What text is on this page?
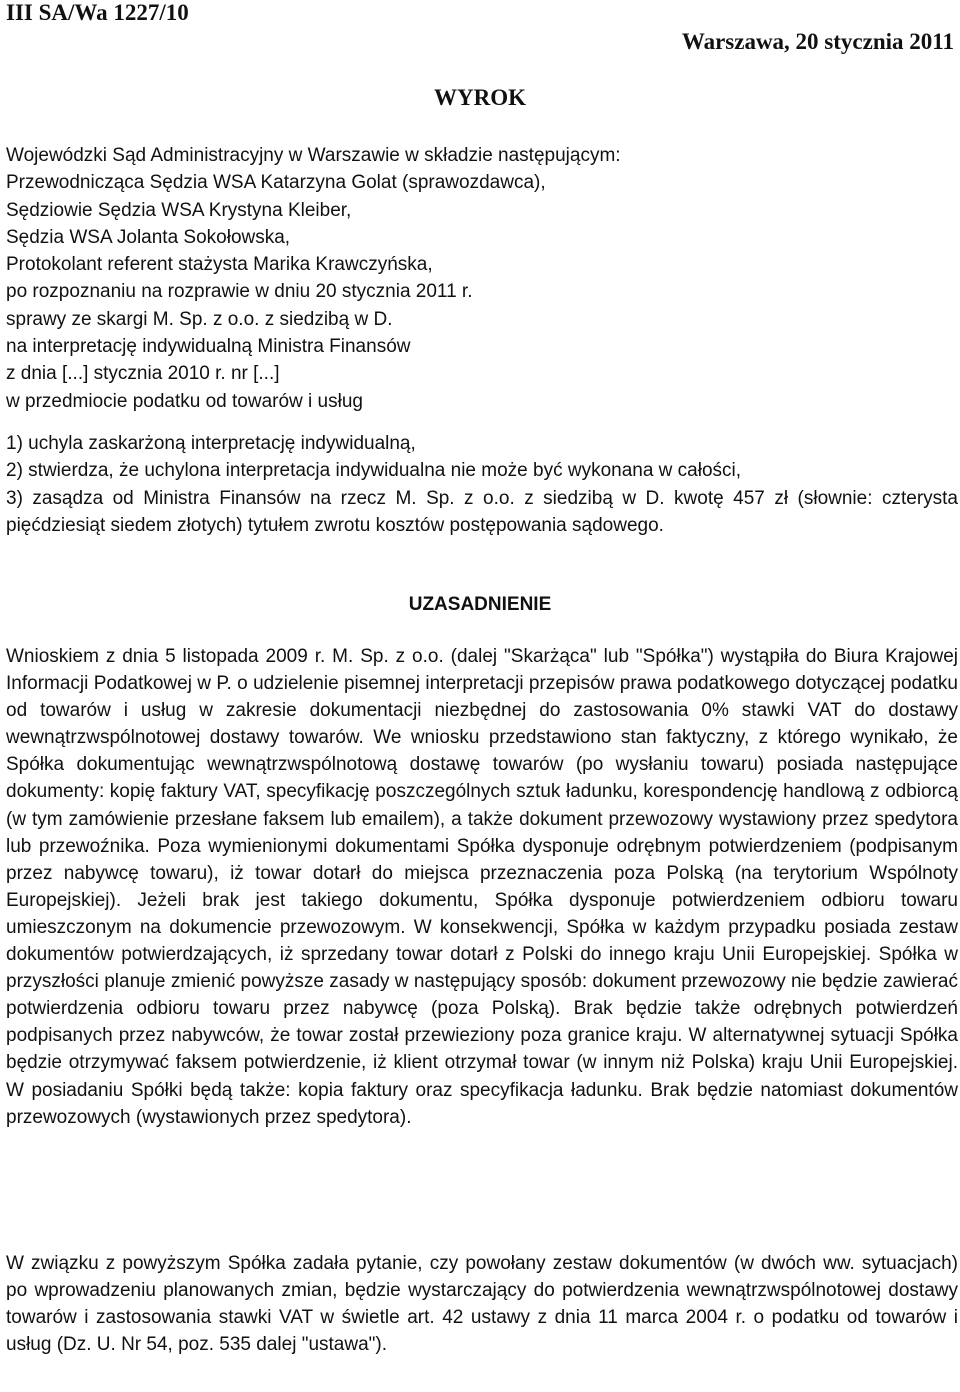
III SA/Wa 1227/10
Warszawa, 20 stycznia 2011
WYROK
Wojewódzki Sąd Administracyjny w Warszawie w składzie następującym:
Przewodnicząca Sędzia WSA Katarzyna Golat (sprawozdawca),
Sędziowie Sędzia WSA Krystyna Kleiber,
Sędzia WSA Jolanta Sokołowska,
Protokolant referent stażysta Marika Krawczyńska,
po rozpoznaniu na rozprawie w dniu 20 stycznia 2011 r.
sprawy ze skargi M. Sp. z o.o. z siedzibą w D.
na interpretację indywidualną Ministra Finansów
z dnia [...] stycznia 2010 r. nr [...]
w przedmiocie podatku od towarów i usług
1) uchyla zaskarżoną interpretację indywidualną,
2) stwierdza, że uchylona interpretacja indywidualna nie może być wykonana w całości,
3) zasądza od Ministra Finansów na rzecz M. Sp. z o.o. z siedzibą w D. kwotę 457 zł (słownie: czterysta pięćdziesiąt siedem złotych) tytułem zwrotu kosztów postępowania sądowego.
UZASADNIENIE

Wnioskiem z dnia 5 listopada 2009 r. M. Sp. z o.o. (dalej "Skarżąca" lub "Spółka") wystąpiła do Biura Krajowej Informacji Podatkowej w P. o udzielenie pisemnej interpretacji przepisów prawa podatkowego dotyczącej podatku od towarów i usług w zakresie dokumentacji niezbędnej do zastosowania 0% stawki VAT do dostawy wewnątrzwspólnotowej dostawy towarów. We wniosku przedstawiono stan faktyczny, z którego wynikało, że Spółka dokumentując wewnątrzwspólnotową dostawę towarów (po wysłaniu towaru) posiada następujące dokumenty: kopię faktury VAT, specyfikację poszczególnych sztuk ładunku, korespondencję handlową z odbiorcą (w tym zamówienie przesłane faksem lub emailem), a także dokument przewozowy wystawiony przez spedytora lub przewoźnika. Poza wymienionymi dokumentami Spółka dysponuje odrębnym potwierdzeniem (podpisanym przez nabywcę towaru), iż towar dotarł do miejsca przeznaczenia poza Polską (na terytorium Wspólnoty Europejskiej). Jeżeli brak jest takiego dokumentu, Spółka dysponuje potwierdzeniem odbioru towaru umieszczonym na dokumencie przewozowym. W konsekwencji, Spółka w każdym przypadku posiada zestaw dokumentów potwierdzających, iż sprzedany towar dotarł z Polski do innego kraju Unii Europejskiej. Spółka w przyszłości planuje zmienić powyższe zasady w następujący sposób: dokument przewozowy nie będzie zawierać potwierdzenia odbioru towaru przez nabywcę (poza Polską). Brak będzie także odrębnych potwierdzeń podpisanych przez nabywców, że towar został przewieziony poza granice kraju. W alternatywnej sytuacji Spółka będzie otrzymywać faksem potwierdzenie, iż klient otrzymał towar (w innym niż Polska) kraju Unii Europejskiej. W posiadaniu Spółki będą także: kopia faktury oraz specyfikacja ładunku. Brak będzie natomiast dokumentów przewozowych (wystawionych przez spedytora).

W związku z powyższym Spółka zadała pytanie, czy powołany zestaw dokumentów (w dwóch ww. sytuacjach) po wprowadzeniu planowanych zmian, będzie wystarczający do potwierdzenia wewnątrzwspólnotowej dostawy towarów i zastosowania stawki VAT w świetle art. 42 ustawy z dnia 11 marca 2004 r. o podatku od towarów i usług (Dz. U. Nr 54, poz. 535 dalej "ustawa").
